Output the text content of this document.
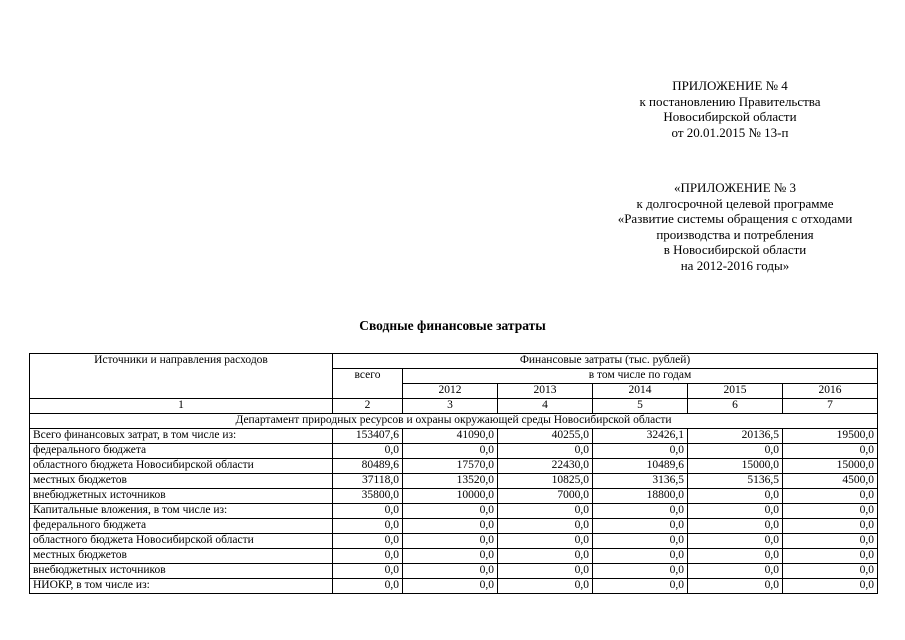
ПРИЛОЖЕНИЕ № 4
к постановлению Правительства
Новосибирской области
от 20.01.2015 № 13-п
«ПРИЛОЖЕНИЕ № 3
к долгосрочной целевой программе
«Развитие системы обращения с отходами
производства и потребления
в Новосибирской области
на 2012-2016 годы»
Сводные финансовые затраты
Источники и направления расходов	Финансовые затраты (тыс. рублей)					
	всего	в том числе по годам				
		2012	2013	2014	2015	2016
1	2	3	4	5	6	7
Департамент природных ресурсов и охраны окружающей среды Новосибирской области						
Всего финансовых затрат, в том числе из:	153407,6	41090,0	40255,0	32426,1	20136,5	19500,0
федерального бюджета	0,0	0,0	0,0	0,0	0,0	0,0
областного бюджета Новосибирской области	80489,6	17570,0	22430,0	10489,6	15000,0	15000,0
местных бюджетов	37118,0	13520,0	10825,0	3136,5	5136,5	4500,0
внебюджетных источников	35800,0	10000,0	7000,0	18800,0	0,0	0,0
Капитальные вложения, в том числе из:	0,0	0,0	0,0	0,0	0,0	0,0
федерального бюджета	0,0	0,0	0,0	0,0	0,0	0,0
областного бюджета Новосибирской области	0,0	0,0	0,0	0,0	0,0	0,0
местных бюджетов	0,0	0,0	0,0	0,0	0,0	0,0
внебюджетных источников	0,0	0,0	0,0	0,0	0,0	0,0
НИОКР, в том числе из:	0,0	0,0	0,0	0,0	0,0	0,0
